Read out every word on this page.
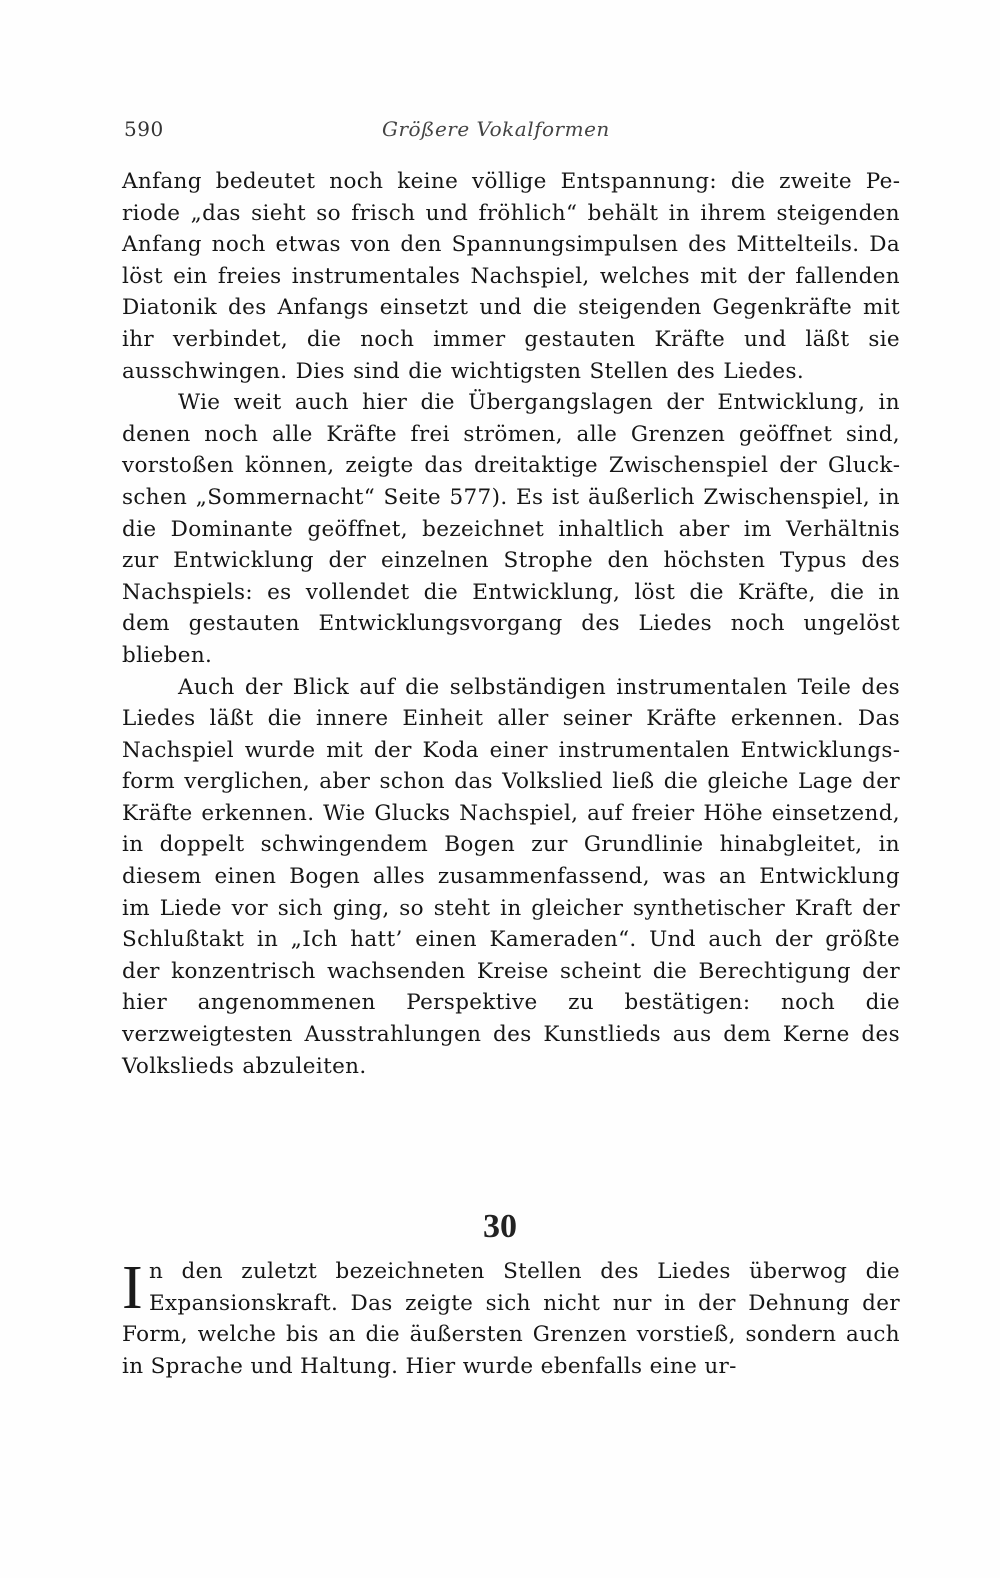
590	Größere Vokalformen

Anfang bedeutet noch keine völlige Entspannung: die zweite Periode „das sieht so frisch und fröhlich“ behält in ihrem steigenden Anfang noch etwas von den Spannungsimpulsen des Mittelteils. Da löst ein freies instrumentales Nachspiel, welches mit der fallenden Diatonik des Anfangs einsetzt und die steigenden Gegenkräfte mit ihr verbindet, die noch immer gestauten Kräfte und läßt sie ausschwingen. Dies sind die wichtigsten Stellen des Liedes.

Wie weit auch hier die Übergangslagen der Entwicklung, in denen noch alle Kräfte frei strömen, alle Grenzen geöffnet sind, vorstoßen können, zeigte das dreitaktige Zwischenspiel der Gluckschen „Sommernacht“ Seite 577). Es ist äußerlich Zwischenspiel, in die Dominante geöffnet, bezeichnet inhaltlich aber im Verhältnis zur Entwicklung der einzelnen Strophe den höchsten Typus des Nachspiels: es vollendet die Entwicklung, löst die Kräfte, die in dem gestauten Entwicklungsvorgang des Liedes noch ungelöst blieben.

Auch der Blick auf die selbständigen instrumentalen Teile des Liedes läßt die innere Einheit aller seiner Kräfte erkennen. Das Nachspiel wurde mit der Koda einer instrumentalen Entwicklungsform verglichen, aber schon das Volkslied ließ die gleiche Lage der Kräfte erkennen. Wie Glucks Nachspiel, auf freier Höhe einsetzend, in doppelt schwingendem Bogen zur Grundlinie hinabgleitet, in diesem einen Bogen alles zusammenfassend, was an Entwicklung im Liede vor sich ging, so steht in gleicher synthetischer Kraft der Schlußtakt in „Ich hatt’ einen Kameraden“. Und auch der größte der konzentrisch wachsenden Kreise scheint die Berechtigung der hier angenommenen Perspektive zu bestätigen: noch die verzweigtesten Ausstrahlungen des Kunstlieds aus dem Kerne des Volkslieds abzuleiten.

30

In den zuletzt bezeichneten Stellen des Liedes überwog die Expansionskraft. Das zeigte sich nicht nur in der Dehnung der Form, welche bis an die äußersten Grenzen vorstieß, sondern auch in Sprache und Haltung. Hier wurde ebenfalls eine ur-
